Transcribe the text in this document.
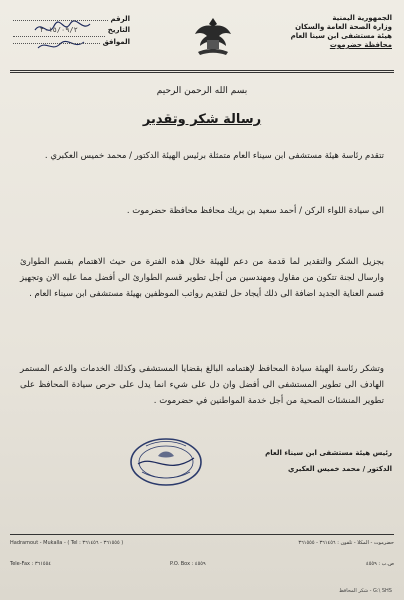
الرقم
التاريخ
٢٠١٥/٠٩/٢
الموافق
الجمهورية اليمنية
وزارة الصحة العامة والسكان
هيئة مستشفى ابن سينا العام
محافظة حضرموت
بسم الله الرحمن الرحيم
رسالة شكر وتقدير

تتقدم رئاسة هيئة مستشفى ابن سيناء العام متمثلة برئيس الهيئة الدكتور / محمد خميس العكبري .

الى سيادة اللواء الركن / أحمد سعيد بن بريك محافظ محافظة حضرموت .

بجزيل الشكر والتقدير لما قدمة من دعم للهيئة خلال هذه الفترة من حيث الاهتمام بقسم الطوارئ وارسال لجنة تتكون من مقاول ومهندسين من أجل تطوير قسم الطوارئ الى أفضل مما عليه الان وتجهيز قسم العناية الجديد اضافة الى ذلك أيجاد حل لتقديم رواتب الموظفين بهيئة مستشفى ابن سيناء العام .

وتشكر رئاسة الهيئة سيادة المحافظ لإهتمامه البالغ بقضايا المستشفى وكذلك الخدمات والدعم المستمر الهادف الى تطوير المستشفى الى أفضل وان دل على شيء انما يدل على حرص سيادة المحافظ على تطوير المنشئات الصحية من أجل خدمة المواطنين في حضرموت .

رئيس هيئة مستشفى ابن سيناء العام
الدكتور / محمد خميس العكبري
Hadramout - Mukalla - ( Tel : ٣٦١٥٥٥ - ٣٦١٤٥٦ )
Tele-Fax : ٣٦١٥٥٤	P.O. Box : ٤٥٥٩
حضرموت - المكلا - تلفون : ٣٦١٤٥٦ - ٣٦١٥٥٥
ص.ب : ٤٥٥٩
شكر المحافظ - G:\ SHS
